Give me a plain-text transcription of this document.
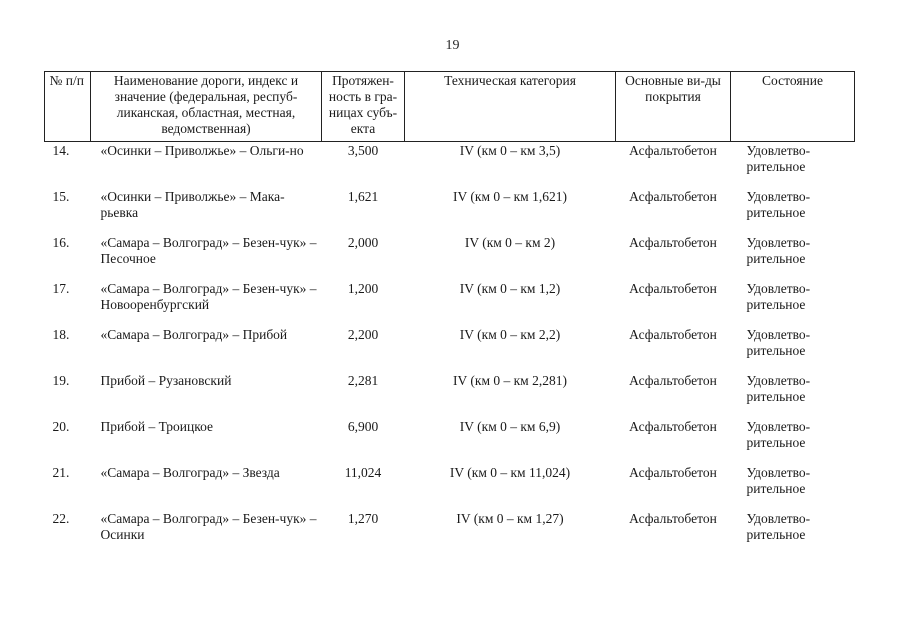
19
№ п/п	Наименование дороги, индекс и значение (федеральная, респуб-ликанская, областная, местная, ведомственная)	Протяжен-ность в гра-ницах субъ-екта	Техническая категория	Основные ви-ды покрытия	Состояние
14.	«Осинки – Приволжье» – Ольги-но	3,500	IV (км 0 – км 3,5)	Асфальтобетон	Удовлетво-рительное
15.	«Осинки – Приволжье» – Мака-рьевка	1,621	IV (км 0 – км 1,621)	Асфальтобетон	Удовлетво-рительное
16.	«Самара – Волгоград» – Безен-чук» – Песочное	2,000	IV (км 0 – км 2)	Асфальтобетон	Удовлетво-рительное
17.	«Самара – Волгоград» – Безен-чук» – Новооренбургский	1,200	IV (км 0 – км 1,2)	Асфальтобетон	Удовлетво-рительное
18.	«Самара – Волгоград» – Прибой	2,200	IV (км 0 – км 2,2)	Асфальтобетон	Удовлетво-рительное
19.	Прибой – Рузановский	2,281	IV (км 0 – км 2,281)	Асфальтобетон	Удовлетво-рительное
20.	Прибой – Троицкое	6,900	IV (км 0 – км 6,9)	Асфальтобетон	Удовлетво-рительное
21.	«Самара – Волгоград» – Звезда	11,024	IV (км 0 – км 11,024)	Асфальтобетон	Удовлетво-рительное
22.	«Самара – Волгоград» – Безен-чук» – Осинки	1,270	IV (км 0 – км 1,27)	Асфальтобетон	Удовлетво-рительное
